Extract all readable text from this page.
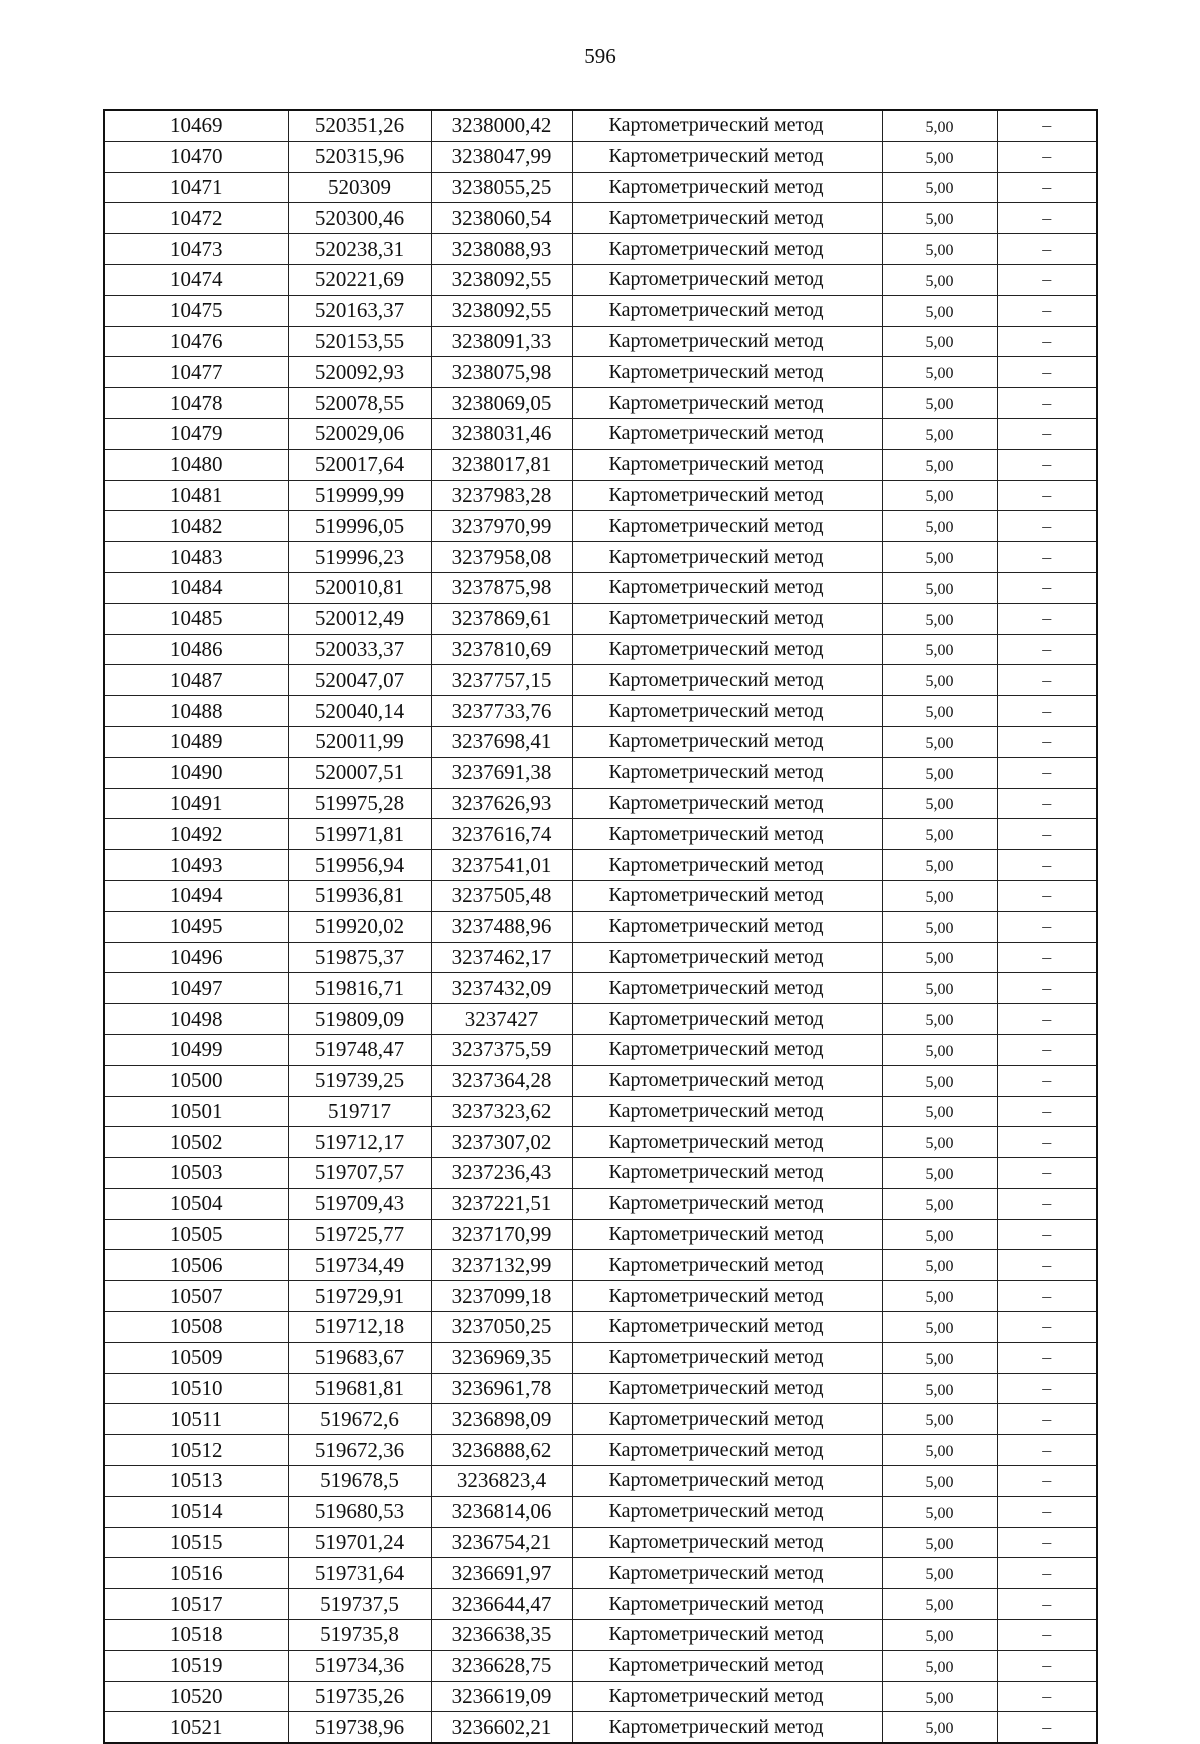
596
10469	520351,26	3238000,42	Картометрический метод	5,00	–
10470	520315,96	3238047,99	Картометрический метод	5,00	–
10471	520309	3238055,25	Картометрический метод	5,00	–
10472	520300,46	3238060,54	Картометрический метод	5,00	–
10473	520238,31	3238088,93	Картометрический метод	5,00	–
10474	520221,69	3238092,55	Картометрический метод	5,00	–
10475	520163,37	3238092,55	Картометрический метод	5,00	–
10476	520153,55	3238091,33	Картометрический метод	5,00	–
10477	520092,93	3238075,98	Картометрический метод	5,00	–
10478	520078,55	3238069,05	Картометрический метод	5,00	–
10479	520029,06	3238031,46	Картометрический метод	5,00	–
10480	520017,64	3238017,81	Картометрический метод	5,00	–
10481	519999,99	3237983,28	Картометрический метод	5,00	–
10482	519996,05	3237970,99	Картометрический метод	5,00	–
10483	519996,23	3237958,08	Картометрический метод	5,00	–
10484	520010,81	3237875,98	Картометрический метод	5,00	–
10485	520012,49	3237869,61	Картометрический метод	5,00	–
10486	520033,37	3237810,69	Картометрический метод	5,00	–
10487	520047,07	3237757,15	Картометрический метод	5,00	–
10488	520040,14	3237733,76	Картометрический метод	5,00	–
10489	520011,99	3237698,41	Картометрический метод	5,00	–
10490	520007,51	3237691,38	Картометрический метод	5,00	–
10491	519975,28	3237626,93	Картометрический метод	5,00	–
10492	519971,81	3237616,74	Картометрический метод	5,00	–
10493	519956,94	3237541,01	Картометрический метод	5,00	–
10494	519936,81	3237505,48	Картометрический метод	5,00	–
10495	519920,02	3237488,96	Картометрический метод	5,00	–
10496	519875,37	3237462,17	Картометрический метод	5,00	–
10497	519816,71	3237432,09	Картометрический метод	5,00	–
10498	519809,09	3237427	Картометрический метод	5,00	–
10499	519748,47	3237375,59	Картометрический метод	5,00	–
10500	519739,25	3237364,28	Картометрический метод	5,00	–
10501	519717	3237323,62	Картометрический метод	5,00	–
10502	519712,17	3237307,02	Картометрический метод	5,00	–
10503	519707,57	3237236,43	Картометрический метод	5,00	–
10504	519709,43	3237221,51	Картометрический метод	5,00	–
10505	519725,77	3237170,99	Картометрический метод	5,00	–
10506	519734,49	3237132,99	Картометрический метод	5,00	–
10507	519729,91	3237099,18	Картометрический метод	5,00	–
10508	519712,18	3237050,25	Картометрический метод	5,00	–
10509	519683,67	3236969,35	Картометрический метод	5,00	–
10510	519681,81	3236961,78	Картометрический метод	5,00	–
10511	519672,6	3236898,09	Картометрический метод	5,00	–
10512	519672,36	3236888,62	Картометрический метод	5,00	–
10513	519678,5	3236823,4	Картометрический метод	5,00	–
10514	519680,53	3236814,06	Картометрический метод	5,00	–
10515	519701,24	3236754,21	Картометрический метод	5,00	–
10516	519731,64	3236691,97	Картометрический метод	5,00	–
10517	519737,5	3236644,47	Картометрический метод	5,00	–
10518	519735,8	3236638,35	Картометрический метод	5,00	–
10519	519734,36	3236628,75	Картометрический метод	5,00	–
10520	519735,26	3236619,09	Картометрический метод	5,00	–
10521	519738,96	3236602,21	Картометрический метод	5,00	–
